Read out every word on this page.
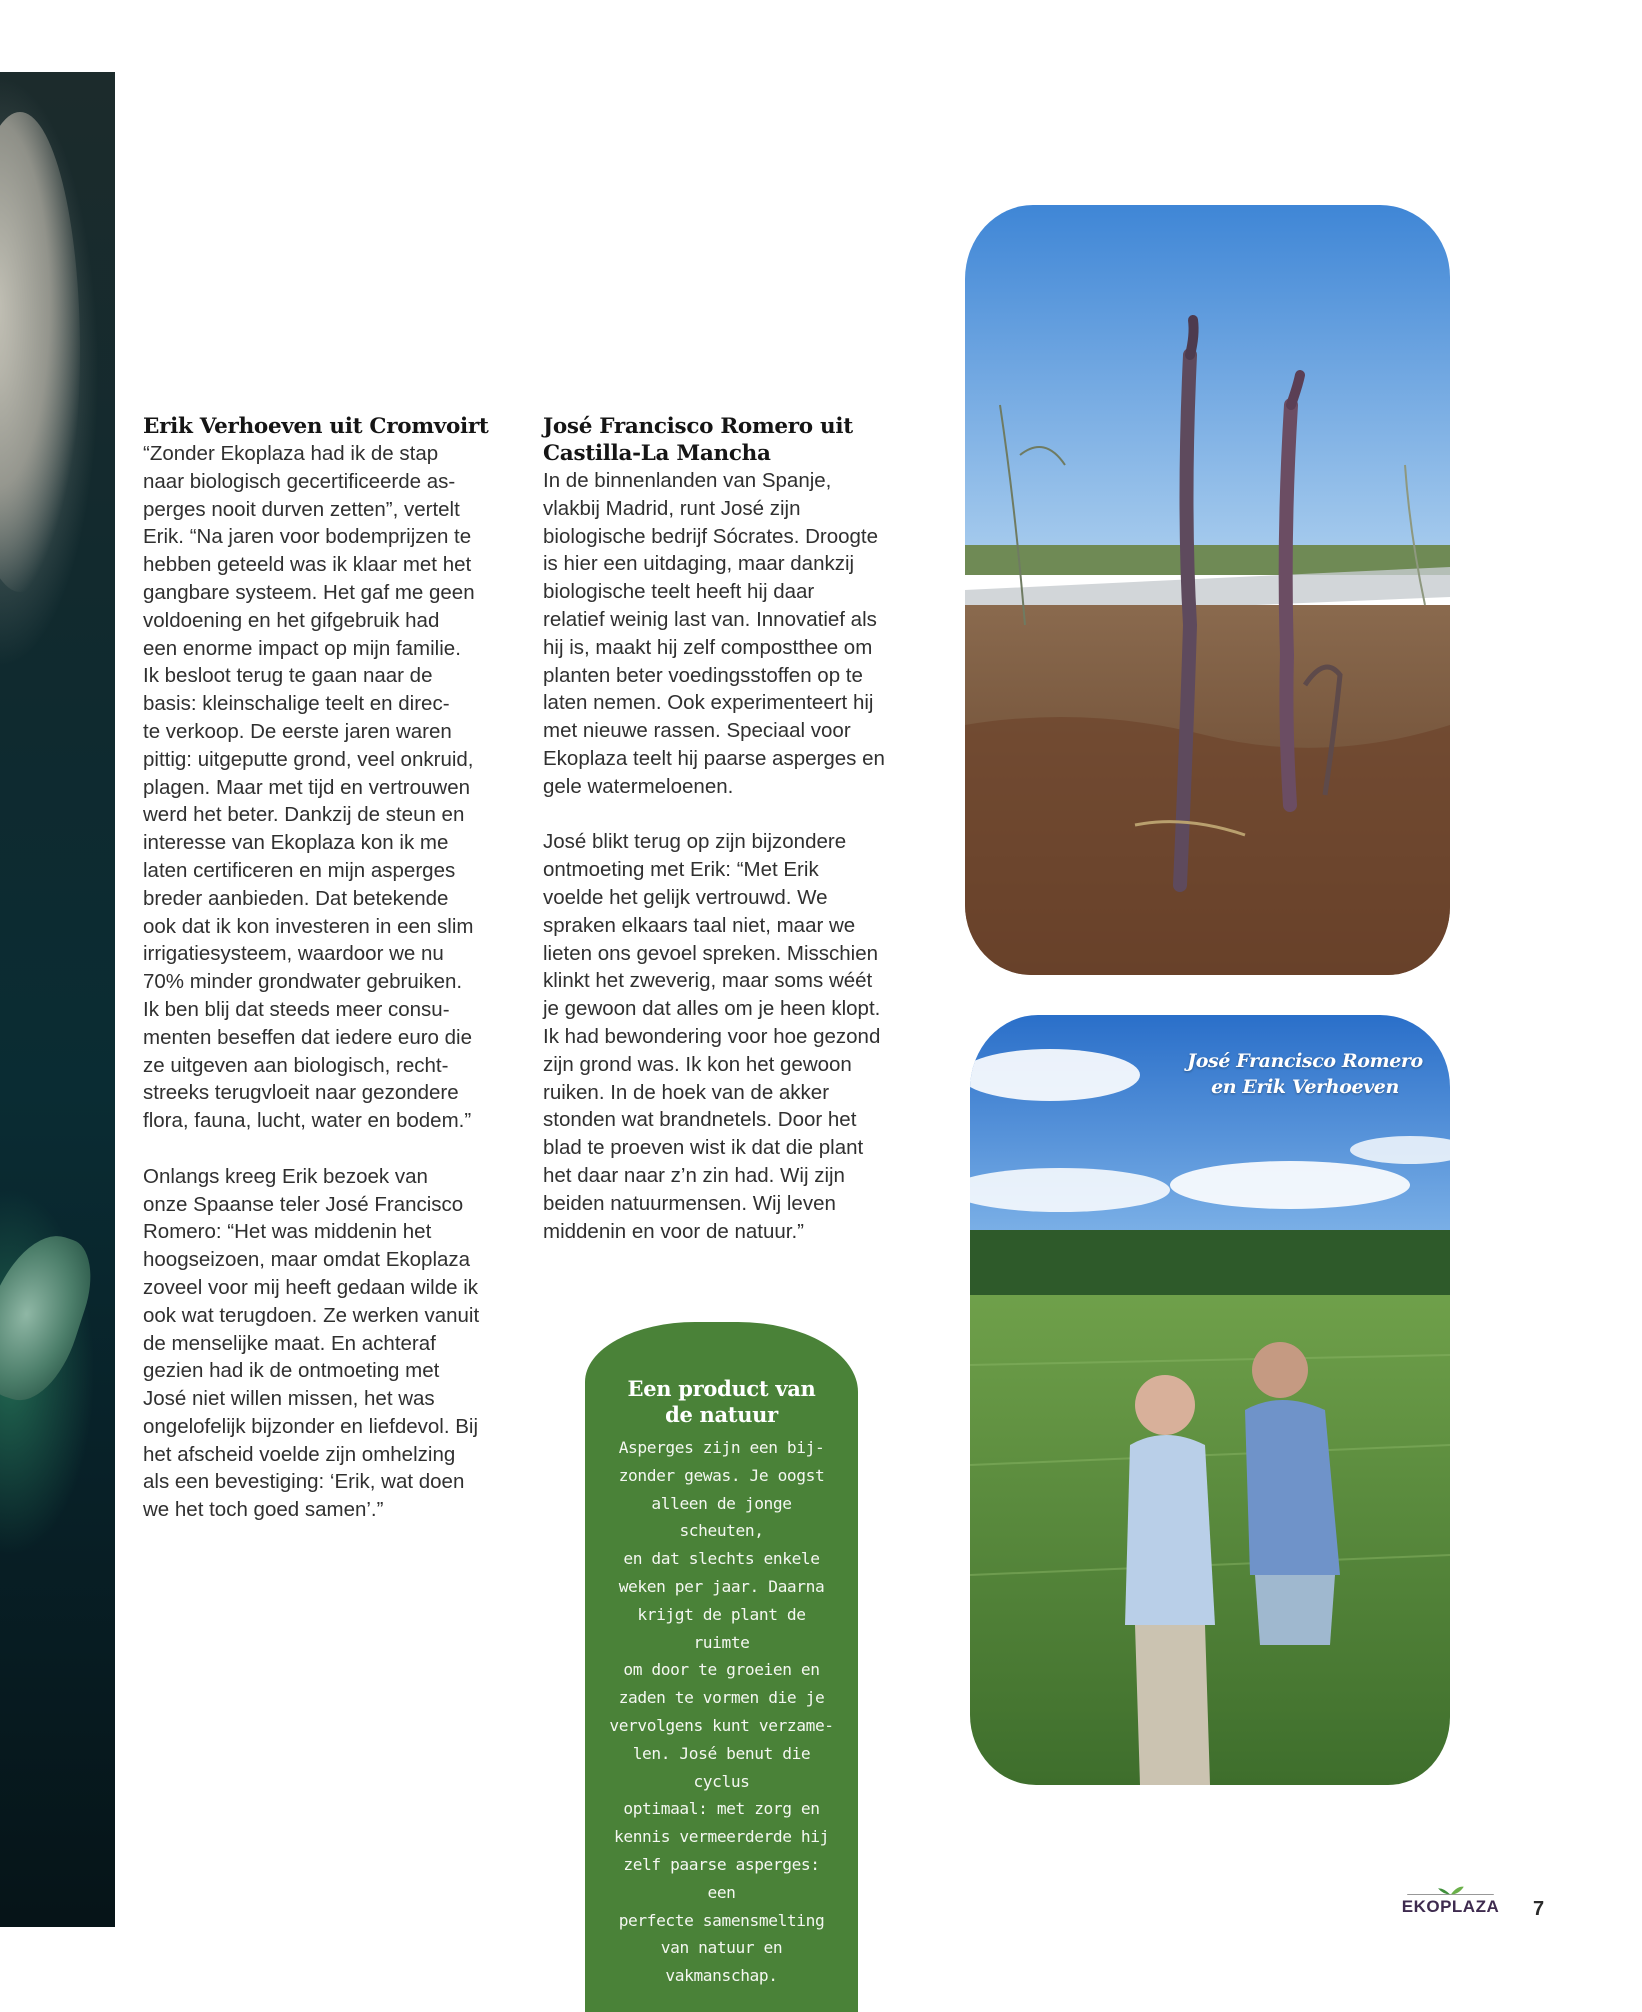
Erik Verhoeven uit Cromvoirt

“Zonder Ekoplaza had ik de stap
naar biologisch gecertificeerde as-
perges nooit durven zetten”, vertelt
Erik. “Na jaren voor bodemprijzen te
hebben geteeld was ik klaar met het
gangbare systeem. Het gaf me geen
voldoening en het gifgebruik had
een enorme impact op mijn familie.
Ik besloot terug te gaan naar de
basis: kleinschalige teelt en direc-
te verkoop. De eerste jaren waren
pittig: uitgeputte grond, veel onkruid,
plagen. Maar met tijd en vertrouwen
werd het beter. Dankzij de steun en
interesse van Ekoplaza kon ik me
laten certificeren en mijn asperges
breder aanbieden. Dat betekende
ook dat ik kon investeren in een slim
irrigatiesysteem, waardoor we nu
70% minder grondwater gebruiken.
Ik ben blij dat steeds meer consu-
menten beseffen dat iedere euro die
ze uitgeven aan biologisch, recht-
streeks terugvloeit naar gezondere
flora, fauna, lucht, water en bodem.”

Onlangs kreeg Erik bezoek van
onze Spaanse teler José Francisco
Romero: “Het was middenin het
hoogseizoen, maar omdat Ekoplaza
zoveel voor mij heeft gedaan wilde ik
ook wat terugdoen. Ze werken vanuit
de menselijke maat. En achteraf
gezien had ik de ontmoeting met
José niet willen missen, het was
ongelofelijk bijzonder en liefdevol. Bij
het afscheid voelde zijn omhelzing
als een bevestiging: ‘Erik, wat doen
we het toch goed samen’.”

José Francisco Romero uit
Castilla-La Mancha

In de binnenlanden van Spanje,
vlakbij Madrid, runt José zijn
biologische bedrijf Sócrates. Droogte
is hier een uitdaging, maar dankzij
biologische teelt heeft hij daar
relatief weinig last van. Innovatief als
hij is, maakt hij zelf compostthee om
planten beter voedingsstoffen op te
laten nemen. Ook experimenteert hij
met nieuwe rassen. Speciaal voor
Ekoplaza teelt hij paarse asperges en
gele watermeloenen.

José blikt terug op zijn bijzondere
ontmoeting met Erik: “Met Erik
voelde het gelijk vertrouwd. We
spraken elkaars taal niet, maar we
lieten ons gevoel spreken. Misschien
klinkt het zweverig, maar soms wéét
je gewoon dat alles om je heen klopt.
Ik had bewondering voor hoe gezond
zijn grond was. Ik kon het gewoon
ruiken. In de hoek van de akker
stonden wat brandnetels. Door het
blad te proeven wist ik dat die plant
het daar naar z’n zin had. Wij zijn
beiden natuurmensen. Wij leven
middenin en voor de natuur.”

José Francisco Romero
en Erik Verhoeven
Een product van
de natuur

Asperges zijn een bij-
zonder gewas. Je oogst
alleen de jonge scheuten,
en dat slechts enkele
weken per jaar. Daarna
krijgt de plant de ruimte
om door te groeien en
zaden te vormen die je
vervolgens kunt verzame-
len. José benut die cyclus
optimaal: met zorg en
kennis vermeerderde hij
zelf paarse asperges: een
perfecte samensmelting
van natuur en
vakmanschap.

EKOPLAZA 7
